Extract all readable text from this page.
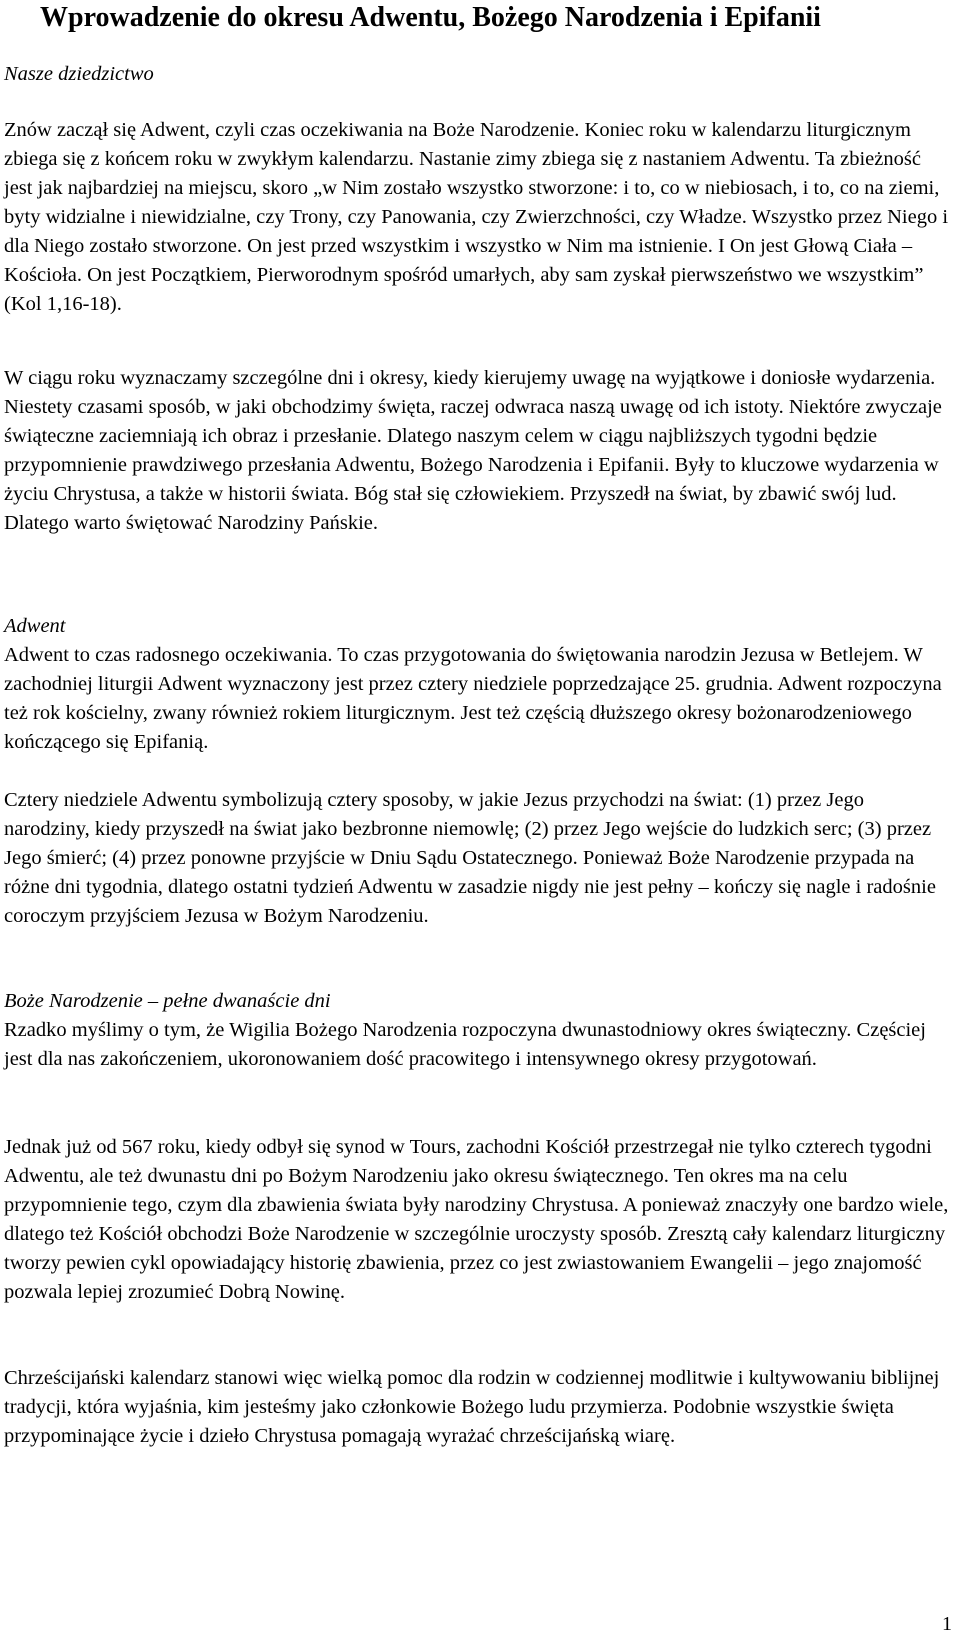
Wprowadzenie do okresu Adwentu, Bożego Narodzenia i Epifanii

Nasze dziedzictwo

Znów zaczął się Adwent, czyli czas oczekiwania na Boże Narodzenie. Koniec roku w kalendarzu liturgicznym zbiega się z końcem roku w zwykłym kalendarzu. Nastanie zimy zbiega się z nastaniem Adwentu. Ta zbieżność jest jak najbardziej na miejscu, skoro „w Nim zostało wszystko stworzone: i to, co w niebiosach, i to, co na ziemi, byty widzialne i niewidzialne, czy Trony, czy Panowania, czy Zwierzchności, czy Władze. Wszystko przez Niego i dla Niego zostało stworzone. On jest przed wszystkim i wszystko w Nim ma istnienie. I On jest Głową Ciała – Kościoła. On jest Początkiem, Pierworodnym spośród umarłych, aby sam zyskał pierwszeństwo we wszystkim” (Kol 1,16-18).

W ciągu roku wyznaczamy szczególne dni i okresy, kiedy kierujemy uwagę na wyjątkowe i doniosłe wydarzenia. Niestety czasami sposób, w jaki obchodzimy święta, raczej odwraca naszą uwagę od ich istoty. Niektóre zwyczaje świąteczne zaciemniają ich obraz i przesłanie. Dlatego naszym celem w ciągu najbliższych tygodni będzie przypomnienie prawdziwego przesłania Adwentu, Bożego Narodzenia i Epifanii. Były to kluczowe wydarzenia w życiu Chrystusa, a także w historii świata. Bóg stał się człowiekiem. Przyszedł na świat, by zbawić swój lud. Dlatego warto świętować Narodziny Pańskie.

Adwent

Adwent to czas radosnego oczekiwania. To czas przygotowania do świętowania narodzin Jezusa w Betlejem. W zachodniej liturgii Adwent wyznaczony jest przez cztery niedziele poprzedzające 25. grudnia. Adwent rozpoczyna też rok kościelny, zwany również rokiem liturgicznym. Jest też częścią dłuższego okresy bożonarodzeniowego kończącego się Epifanią.

Cztery niedziele Adwentu symbolizują cztery sposoby, w jakie Jezus przychodzi na świat: (1) przez Jego narodziny, kiedy przyszedł na świat jako bezbronne niemowlę; (2) przez Jego wejście do ludzkich serc; (3) przez Jego śmierć; (4) przez ponowne przyjście w Dniu Sądu Ostatecznego. Ponieważ Boże Narodzenie przypada na różne dni tygodnia, dlatego ostatni tydzień Adwentu w zasadzie nigdy nie jest pełny – kończy się nagle i radośnie coroczym przyjściem Jezusa w Bożym Narodzeniu.

Boże Narodzenie – pełne dwanaście dni

Rzadko myślimy o tym, że Wigilia Bożego Narodzenia rozpoczyna dwunastodniowy okres świąteczny. Częściej jest dla nas zakończeniem, ukoronowaniem dość pracowitego i intensywnego okresy przygotowań.

Jednak już od 567 roku, kiedy odbył się synod w Tours, zachodni Kościół przestrzegał nie tylko czterech tygodni Adwentu, ale też dwunastu dni po Bożym Narodzeniu jako okresu świątecznego. Ten okres ma na celu przypomnienie tego, czym dla zbawienia świata były narodziny Chrystusa. A ponieważ znaczyły one bardzo wiele, dlatego też Kościół obchodzi Boże Narodzenie w szczególnie uroczysty sposób. Zresztą cały kalendarz liturgiczny tworzy pewien cykl opowiadający historię zbawienia, przez co jest zwiastowaniem Ewangelii – jego znajomość pozwala lepiej zrozumieć Dobrą Nowinę.

Chrześcijański kalendarz stanowi więc wielką pomoc dla rodzin w codziennej modlitwie i kultywowaniu biblijnej tradycji, która wyjaśnia, kim jesteśmy jako członkowie Bożego ludu przymierza. Podobnie wszystkie święta przypominające życie i dzieło Chrystusa pomagają wyrażać chrześcijańską wiarę.

1
